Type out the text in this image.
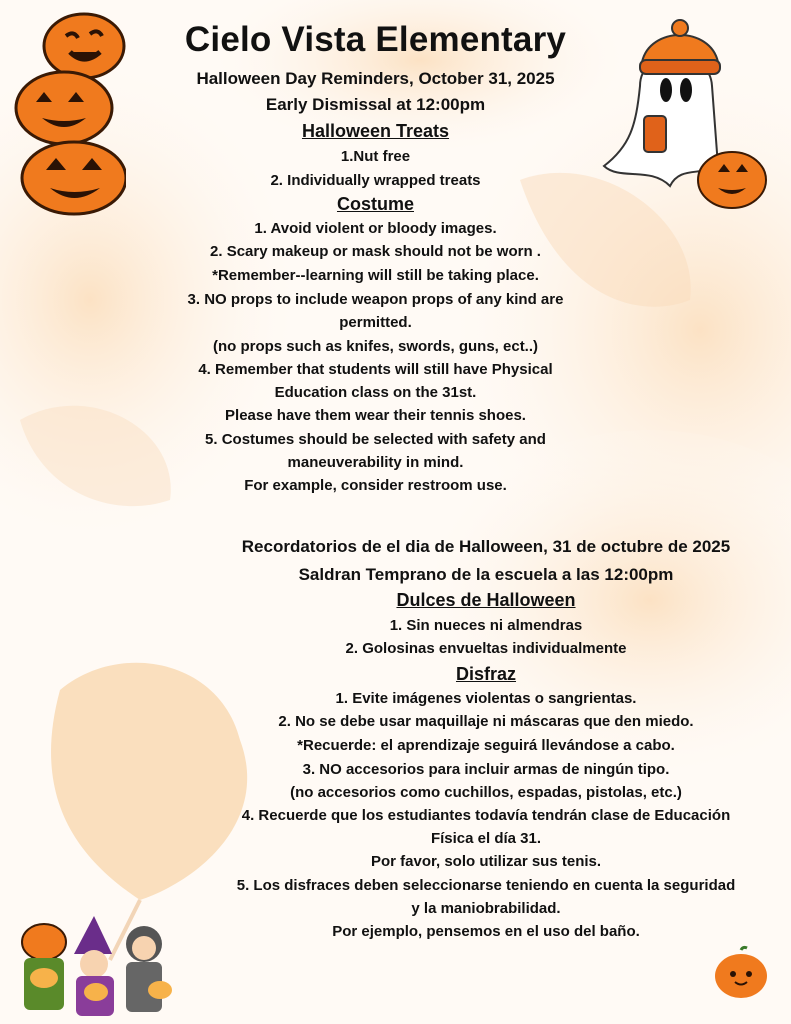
Cielo Vista Elementary

Halloween Day Reminders, October 31, 2025

Early Dismissal at 12:00pm

Halloween Treats

1.Nut free

2. Individually wrapped treats

Costume

1. Avoid violent or bloody images.

2. Scary makeup or mask should not be worn .

*Remember--learning will still be taking place.

3. NO props to include weapon props of any kind are

permitted.

(no props such as knifes, swords, guns, ect..)

4. Remember that students will still have Physical

Education class on the 31st.

Please have them wear their tennis shoes.

5. Costumes should be selected with safety and

maneuverability in mind.

For example, consider restroom use.

Recordatorios de el dia de Halloween, 31 de octubre de 2025

Saldran Temprano de la escuela a las 12:00pm

Dulces de Halloween

1. Sin nueces ni almendras

2. Golosinas envueltas individualmente

Disfraz

1. Evite imágenes violentas o sangrientas.

2. No se debe usar maquillaje ni máscaras que den miedo.

*Recuerde: el aprendizaje seguirá llevándose a cabo.

3. NO accesorios para incluir armas de ningún tipo.

(no accesorios como cuchillos, espadas, pistolas, etc.)

4. Recuerde que los estudiantes todavía tendrán clase de Educación

Física el día 31.

Por favor, solo utilizar sus tenis.

5. Los disfraces deben seleccionarse teniendo en cuenta la seguridad

y la maniobrabilidad.

Por ejemplo, pensemos en el uso del baño.
